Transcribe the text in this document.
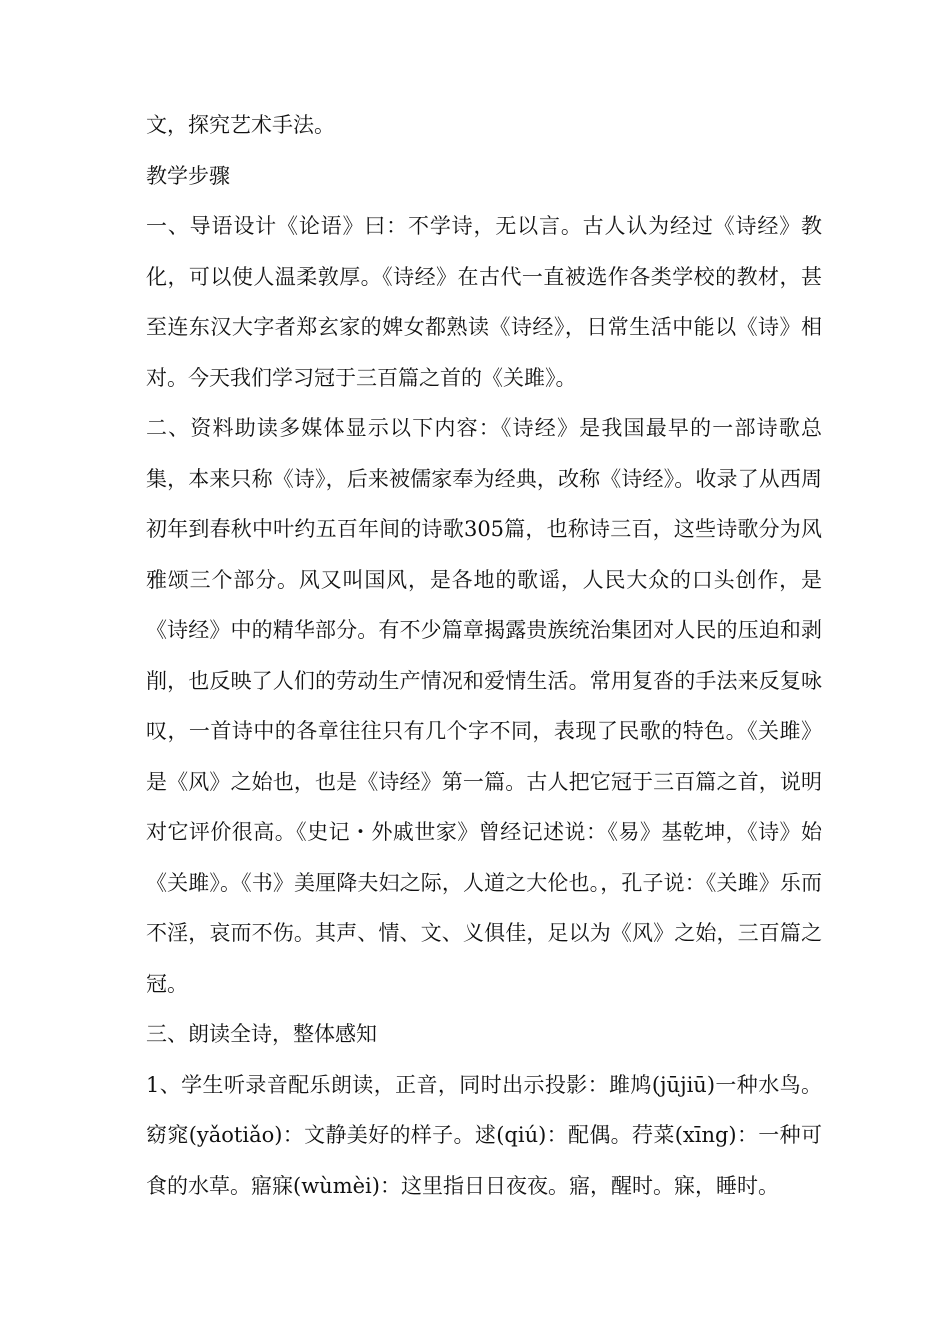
文，探究艺术手法。

教学步骤

一、导语设计《论语》曰：不学诗，无以言。古人认为经过《诗经》教化，可以使人温柔敦厚。《诗经》在古代一直被选作各类学校的教材，甚至连东汉大字者郑玄家的婢女都熟读《诗经》，日常生活中能以《诗》相对。今天我们学习冠于三百篇之首的《关雎》。

二、资料助读多媒体显示以下内容：《诗经》是我国最早的一部诗歌总集，本来只称《诗》，后来被儒家奉为经典，改称《诗经》。收录了从西周初年到春秋中叶约五百年间的诗歌305篇，也称诗三百，这些诗歌分为风雅颂三个部分。风又叫国风，是各地的歌谣，人民大众的口头创作，是《诗经》中的精华部分。有不少篇章揭露贵族统治集团对人民的压迫和剥削，也反映了人们的劳动生产情况和爱情生活。常用复沓的手法来反复咏叹，一首诗中的各章往往只有几个字不同，表现了民歌的特色。《关雎》是《风》之始也，也是《诗经》第一篇。古人把它冠于三百篇之首，说明对它评价很高。《史记・外戚世家》曾经记述说：《易》基乾坤，《诗》始《关雎》。《书》美厘降夫妇之际，人道之大伦也。，孔子说：《关雎》乐而不淫，哀而不伤。其声、情、文、义俱佳，足以为《风》之始，三百篇之冠。

三、朗读全诗，整体感知

1、学生听录音配乐朗读，正音，同时出示投影：雎鸠(jūjiū)一种水鸟。窈窕(yǎotiǎo)：文静美好的样子。逑(qiú)：配偶。荇菜(xīng)：一种可食的水草。寤寐(wùmèi)：这里指日日夜夜。寤，醒时。寐，睡时。
